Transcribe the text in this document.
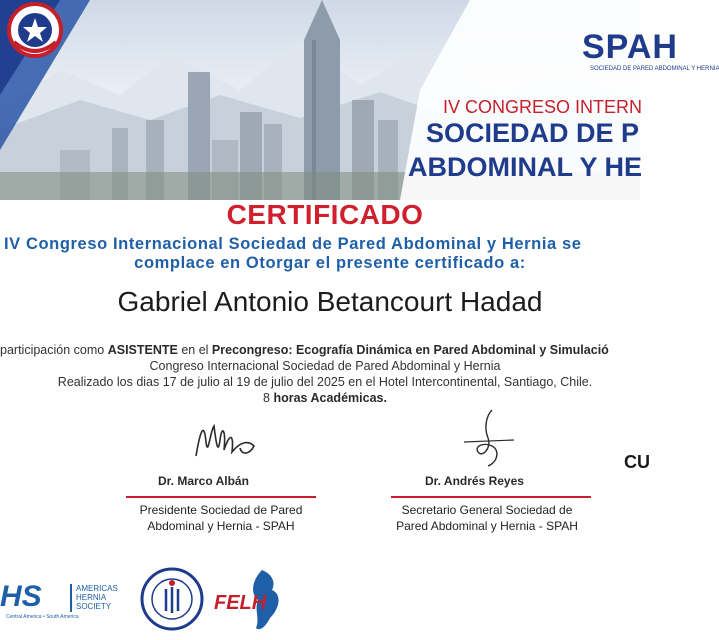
SPAH
SOCIEDAD DE PARED ABDOMINAL Y HERNIA
IV CONGRESO INTERN
SOCIEDAD DE P
ABDOMINAL Y HE
CERTIFICADO
IV Congreso Internacional Sociedad de Pared Abdominal y Hernia se
complace en Otorgar el presente certificado a:
Gabriel Antonio Betancourt Hadad
participación como ASISTENTE en el Precongreso: Ecografía Dinámica en Pared Abdominal y Simulació
Congreso Internacional Sociedad de Pared Abdominal y Hernia
Realizado los dias 17 de julio al 19 de julio del 2025 en el Hotel Intercontinental, Santiago, Chile.
8 horas Académicas.
Dr. Marco Albán
Presidente Sociedad de Pared
Abdominal y Hernia - SPAH
Dr. Andrés Reyes
Secretario General Sociedad de
Pared Abdominal y Hernia - SPAH
CU
HS	AMERICAS
HERNIA
SOCIETY
Central America • South America
FELH
